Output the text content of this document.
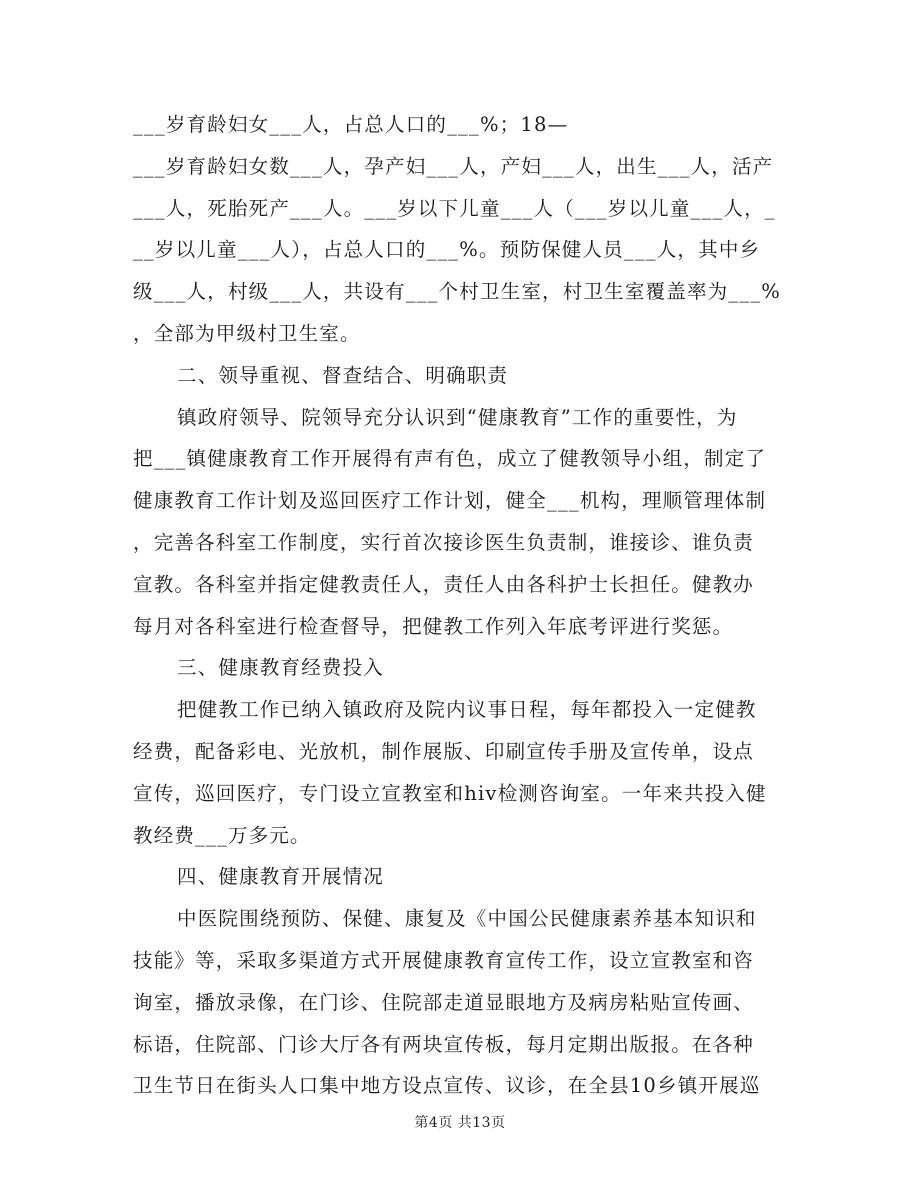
___岁育龄妇女___人，占总人口的___%；18—
___岁育龄妇女数___人，孕产妇___人，产妇___人，出生___人，活产
___人，死胎死产___人。___岁以下儿童___人（___岁以儿童___人，_
__岁以儿童___人），占总人口的___%。预防保健人员___人，其中乡
级___人，村级___人，共设有___个村卫生室，村卫生室覆盖率为___%
，全部为甲级村卫生室。
二、领导重视、督查结合、明确职责
镇政府领导、院领导充分认识到“健康教育”工作的重要性，为
把___镇健康教育工作开展得有声有色，成立了健教领导小组，制定了
健康教育工作计划及巡回医疗工作计划，健全___机构，理顺管理体制
，完善各科室工作制度，实行首次接诊医生负责制，谁接诊、谁负责
宣教。各科室并指定健教责任人，责任人由各科护士长担任。健教办
每月对各科室进行检查督导，把健教工作列入年底考评进行奖惩。
三、健康教育经费投入
把健教工作已纳入镇政府及院内议事日程，每年都投入一定健教
经费，配备彩电、光放机，制作展版、印刷宣传手册及宣传单，设点
宣传，巡回医疗，专门设立宣教室和hiv检测咨询室。一年来共投入健
教经费___万多元。
四、健康教育开展情况
中医院围绕预防、保健、康复及《中国公民健康素养基本知识和
技能》等，采取多渠道方式开展健康教育宣传工作，设立宣教室和咨
询室，播放录像，在门诊、住院部走道显眼地方及病房粘贴宣传画、
标语，住院部、门诊大厅各有两块宣传板，每月定期出版报。在各种
卫生节日在街头人口集中地方设点宣传、议诊，在全县10乡镇开展巡
第4页 共13页
